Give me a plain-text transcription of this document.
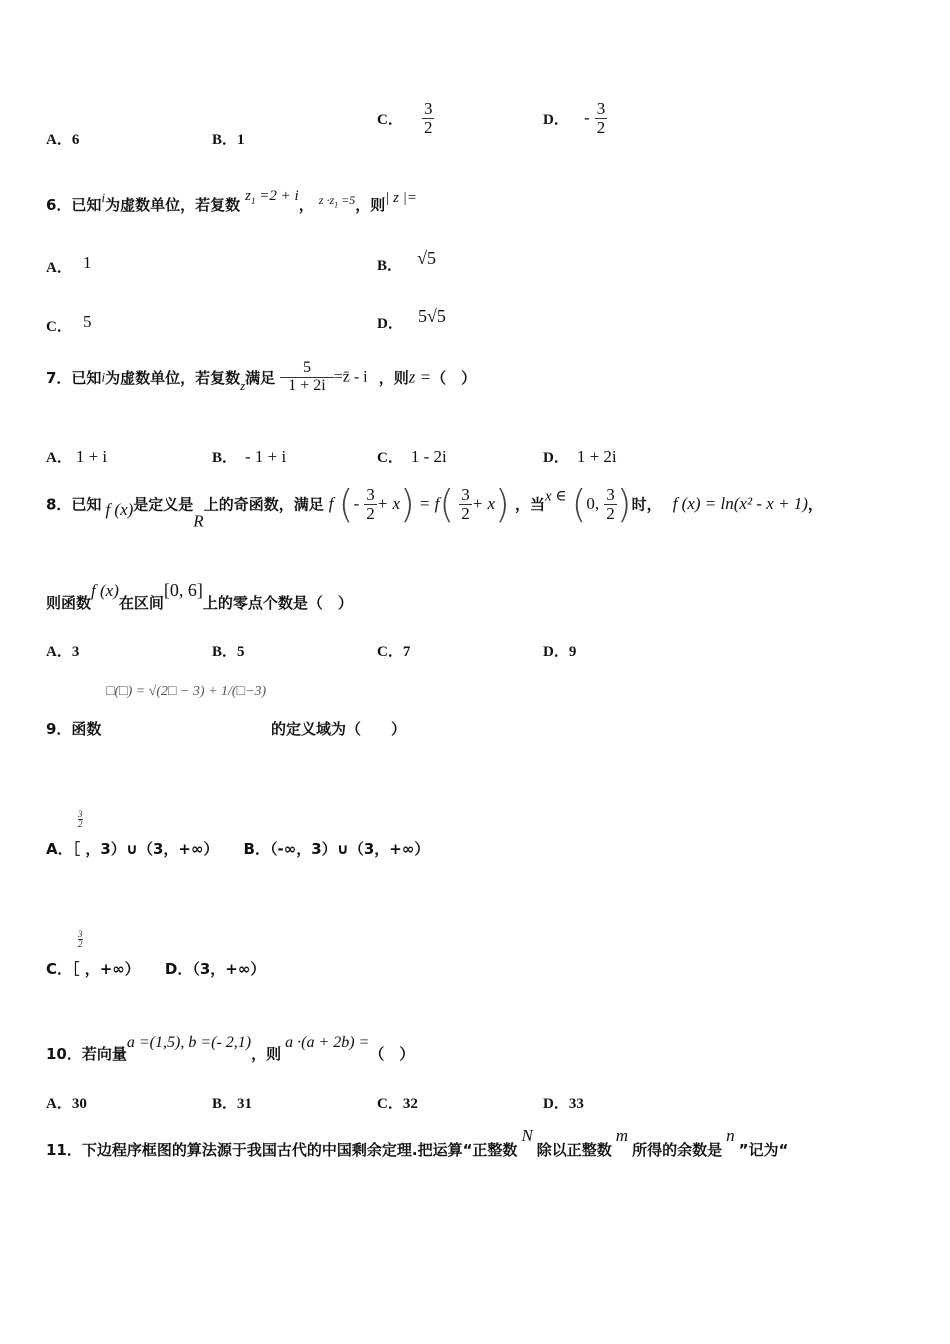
A．6	B．1
C． $\frac{3}{2}$	D． - $\frac{3}{2}$
6．已知$^i$为虚数单位，若复数 $z_1 =2 + i$， $^{z \cdot z_1 =5}$，则| z |=
A． 1	B． √5
C． 5	D． 5√5
7．已知i为虚数单位，若复数$_z$满足 $\frac{5}{1 + 2i}$ =z̄ - i ，则z =（　）
A． 1 + i	B． - 1 + i	C． 1 - 2i	D． 1 + 2i
8．已知 f (x)是定义是R上的奇函数，满足 f (- $\frac{3}{2} + x) = f( \frac{3}{2} + x)$ ，当x ∈ (0, $\frac{3}{2}$ )时， f (x) = ln(x² - x + 1)，
则函数f (x)在区间[0, 6]上的零点个数是（　）
A．3	B．5	C．7	D．9
□(□) = √(2□ − 3) + 1/(□−3)
9．函数	的定义域为（　　）
$\frac{3}{2}$
A．［ ，3）∪（3，+∞） B．（-∞，3）∪（3，+∞）
$\frac{3}{2}$
C．［ ，+∞） D．（3，+∞）
10．若向量a =(1,5), b =(- 2,1)，则a ·(a + 2b) =（　）
A．30	B．31	C．32	D．33
11．下边程序框图的算法源于我国古代的中国剩余定理.把运算“正整数N除以正整数m所得的余数是n”记为“
